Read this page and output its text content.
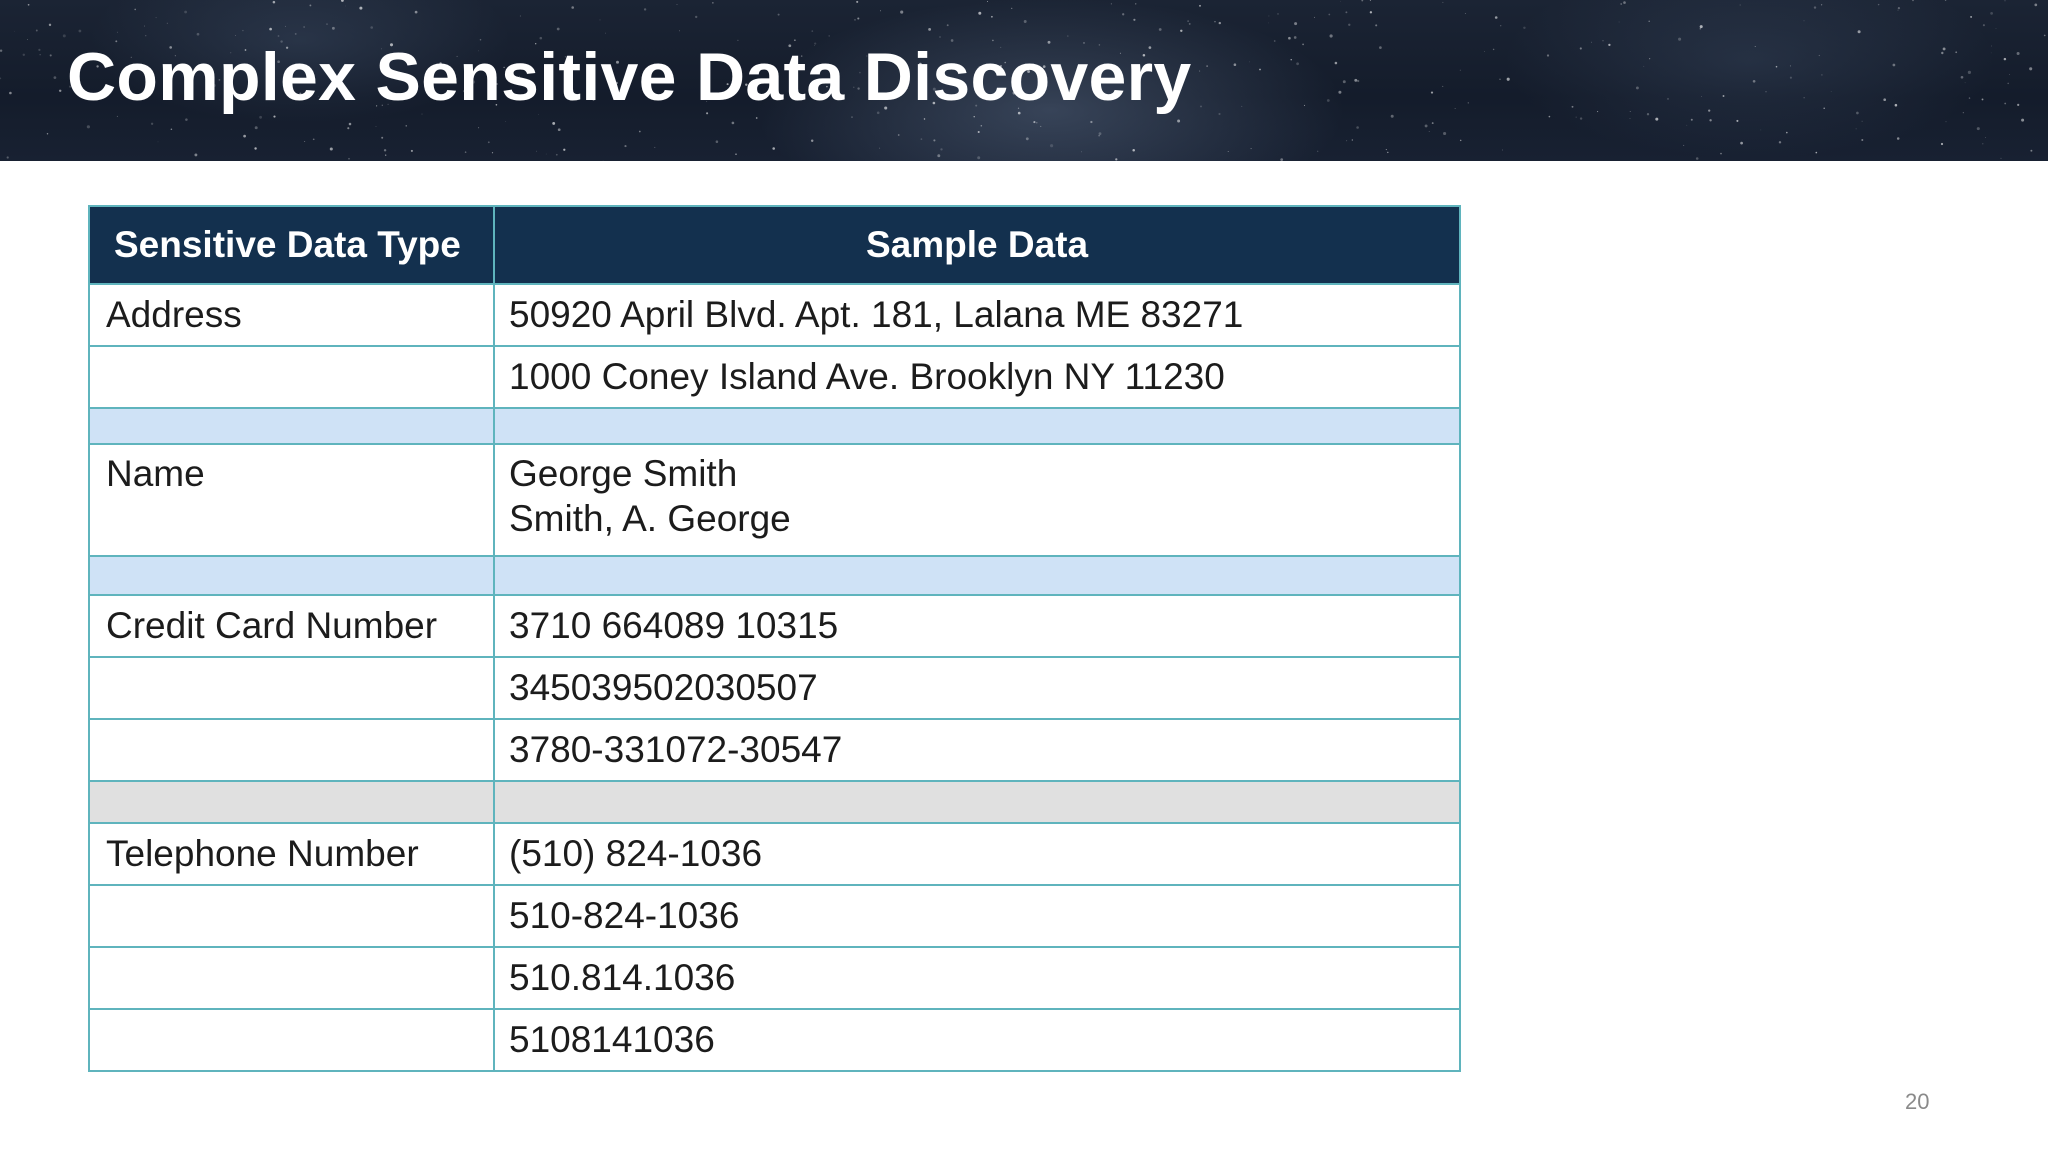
Complex Sensitive Data Discovery
Sensitive Data Type	Sample Data
Address	50920 April Blvd. Apt. 181, Lalana ME 83271
	1000 Coney Island Ave. Brooklyn NY 11230

Name	George Smith
Smith, A. George

Credit Card Number	3710 664089 10315
	345039502030507
	3780-331072-30547

Telephone Number	(510) 824-1036
	510-824-1036
	510.814.1036
	5108141036
20
